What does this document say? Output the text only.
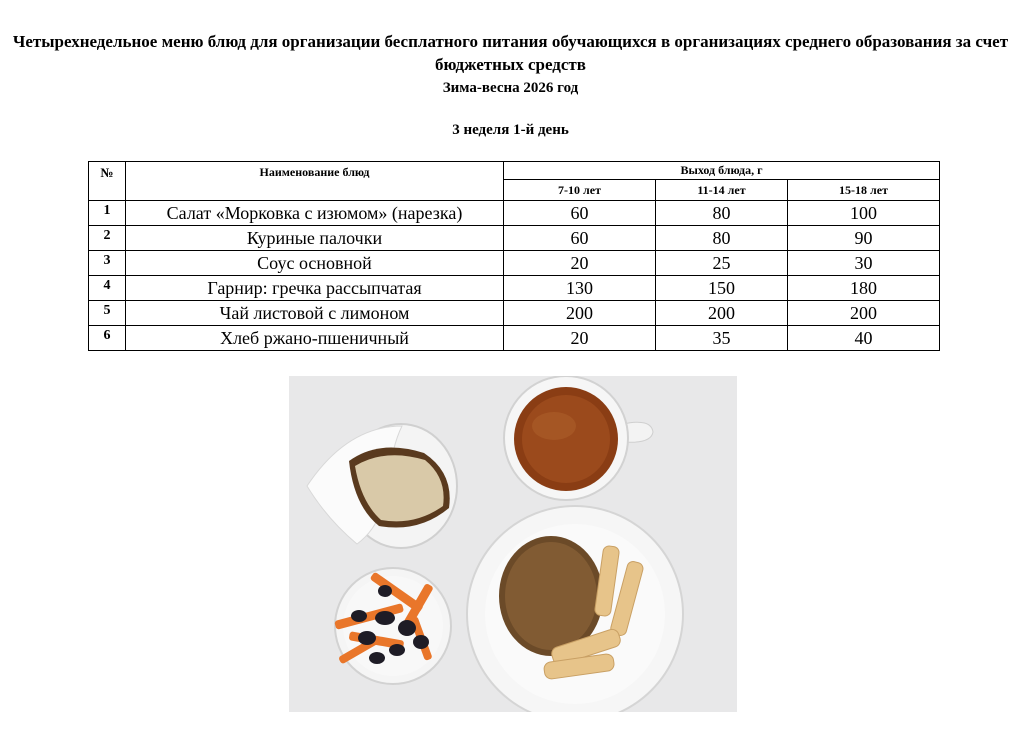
Четырехнедельное меню блюд для организации бесплатного питания обучающихся в организациях среднего образования за счет бюджетных средств
Зима-весна 2026 год
3 неделя 1-й день
№	Наименование блюд	Выход блюда, г		
		7-10 лет	11-14 лет	15-18 лет
1	Салат «Морковка с изюмом» (нарезка)	60	80	100
2	Куриные палочки	60	80	90
3	Соус основной	20	25	30
4	Гарнир: гречка рассыпчатая	130	150	180
5	Чай листовой с лимоном	200	200	200
6	Хлеб ржано-пшеничный	20	35	40
